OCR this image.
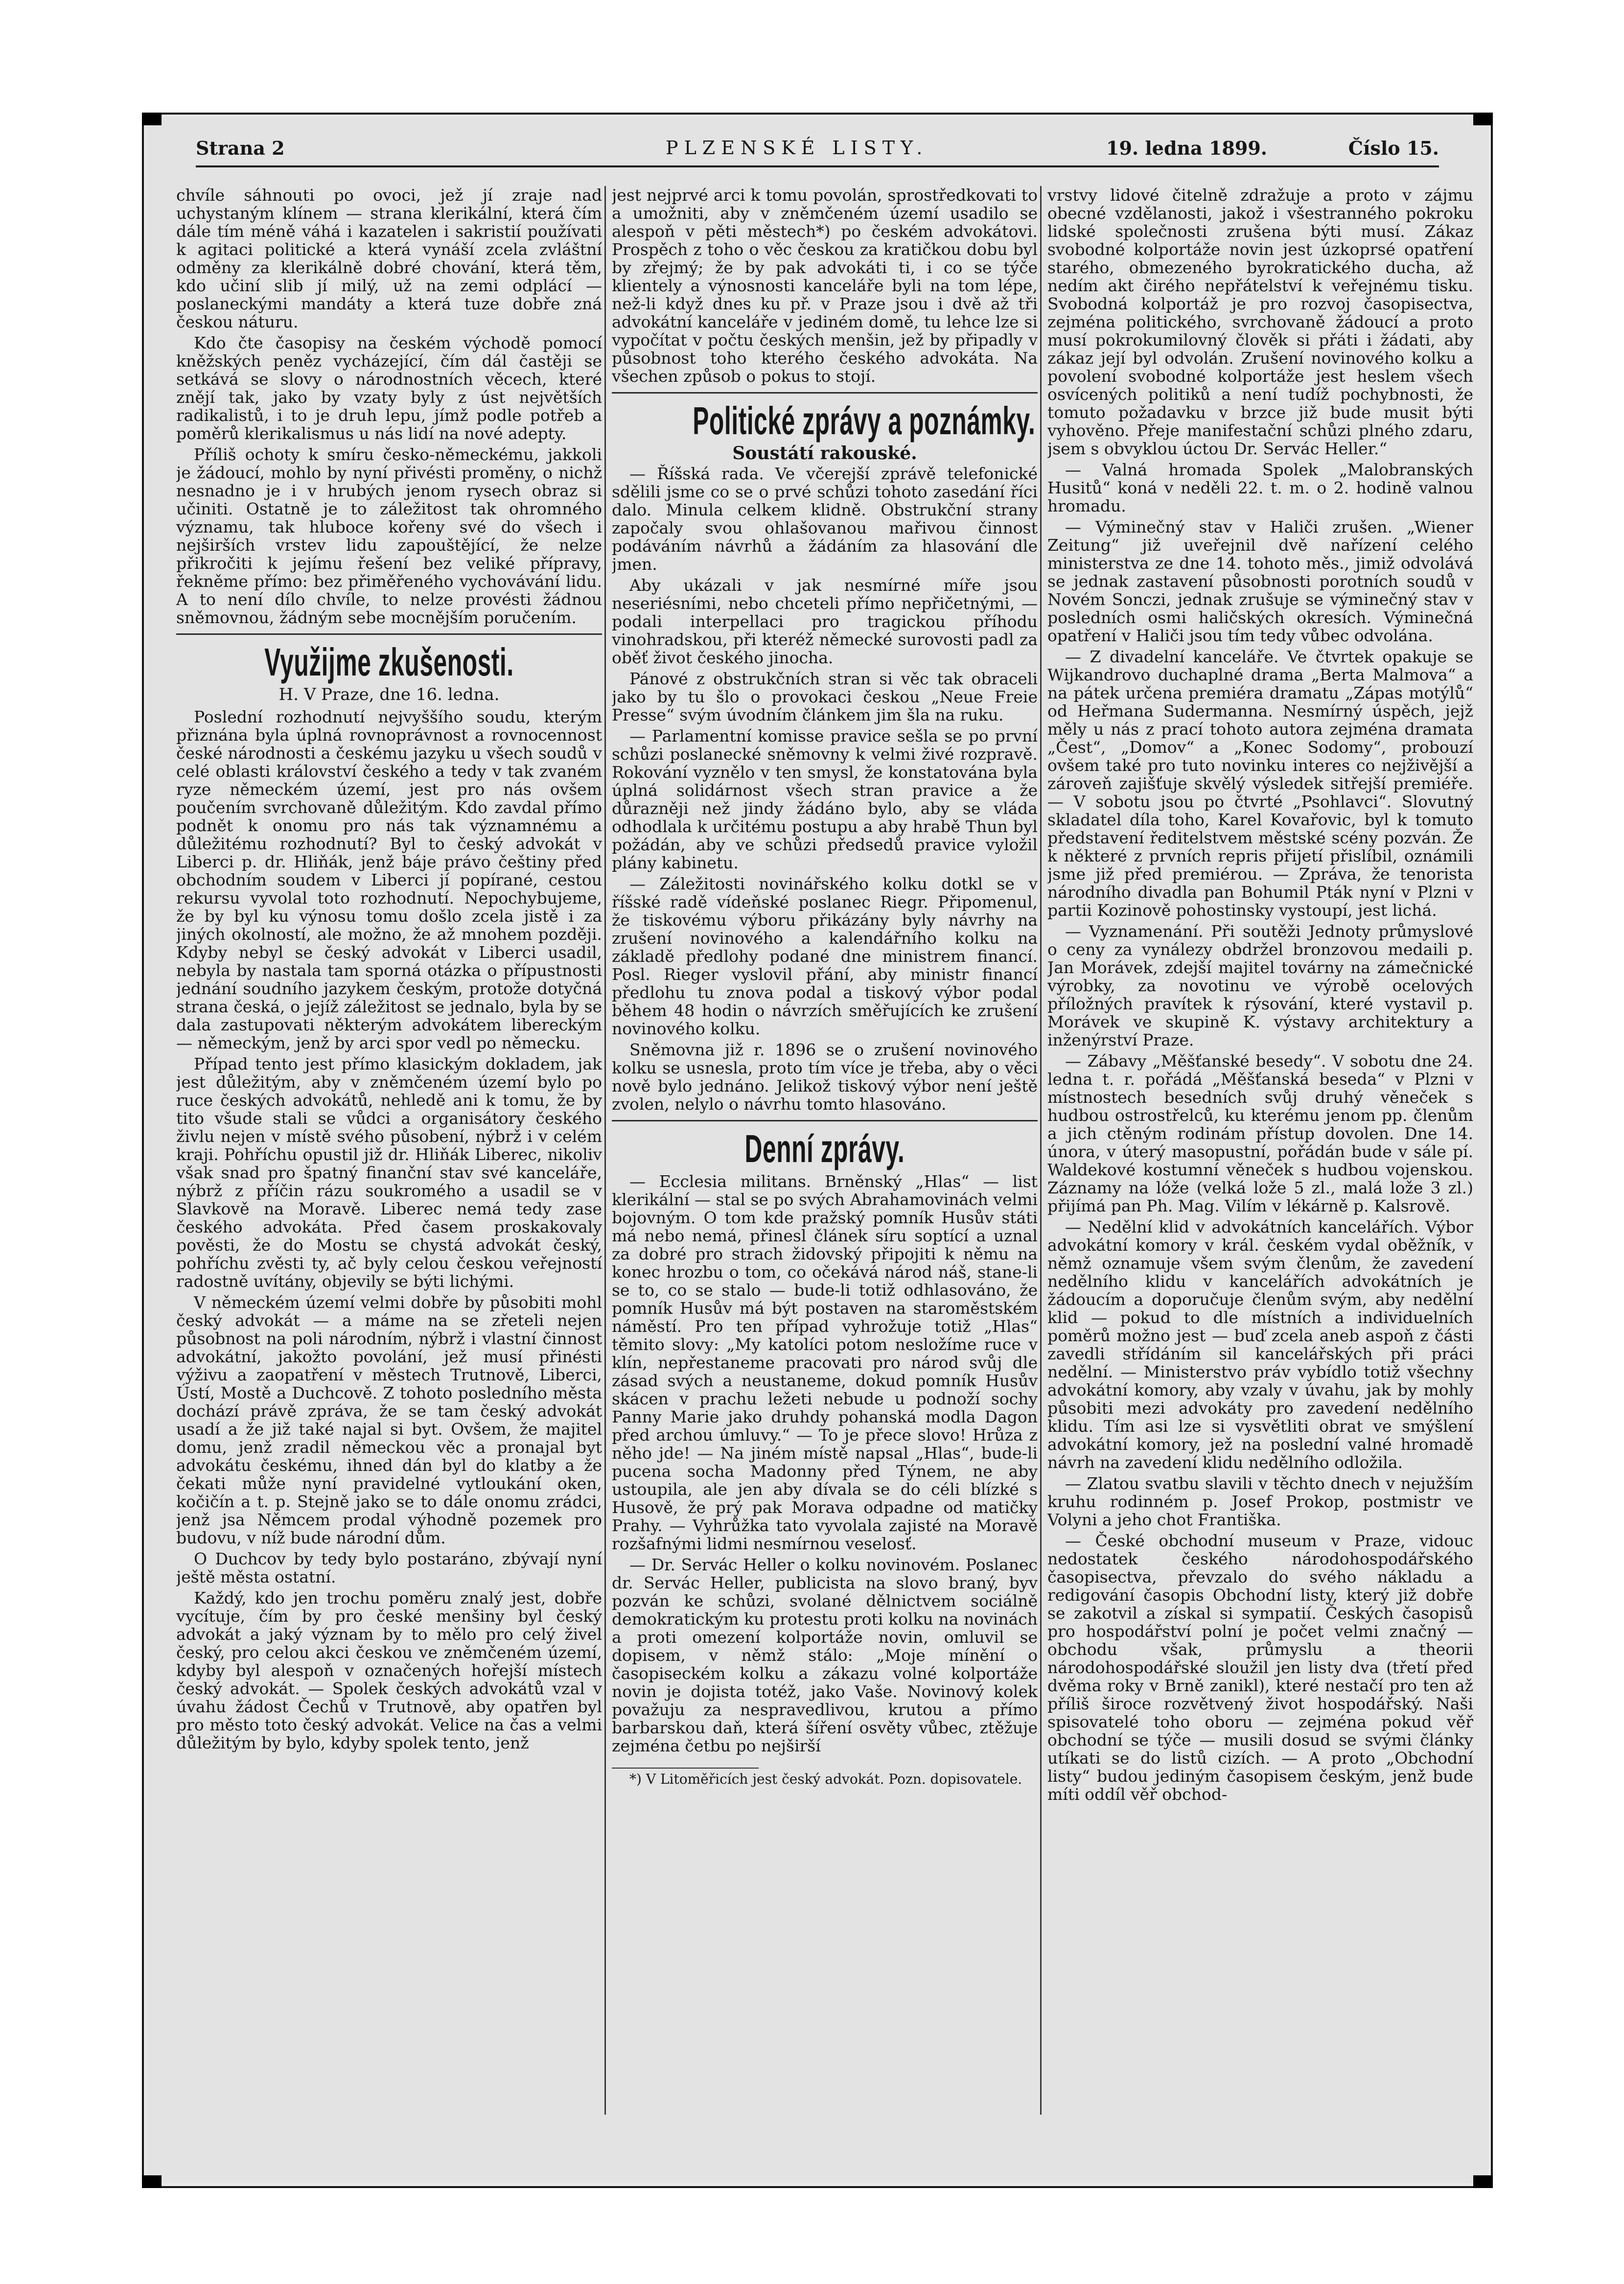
Strana 2	PLZENSKÉ LISTY.	19. ledna 1899.	Číslo 15.

chvíle sáhnouti po ovoci, jež jí zraje nad uchystaným klínem — strana klerikální, která čím dále tím méně váhá i kazatelen i sakristií používati k agitaci politické a která vynáší zcela zvláštní odměny za klerikálně dobré chování, která těm, kdo učiní slib jí milý, už na zemi odplácí — poslaneckými mandáty a která tuze dobře zná českou náturu.

Kdo čte časopisy na českém východě pomocí kněžských peněz vycházející, čím dál častěji se setkává se slovy o národnostních věcech, které znějí tak, jako by vzaty byly z úst největších radikalistů, i to je druh lepu, jímž podle potřeb a poměrů klerikalismus u nás lidí na nové adepty.

Příliš ochoty k smíru česko-německému, jakkoli je žádoucí, mohlo by nyní přivésti proměny, o nichž nesnadno je i v hrubých jenom rysech obraz si učiniti. Ostatně je to záležitost tak ohromného významu, tak hluboce kořeny své do všech i nejširších vrstev lidu zapouštějící, že nelze přikročiti k jejímu řešení bez veliké přípravy, řekněme přímo: bez přiměřeného vychovávání lidu. A to není dílo chvíle, to nelze provésti žádnou sněmovnou, žádným sebe mocnějším poručením.

Využijme zkušenosti.
H. V Praze, dne 16. ledna.

Poslední rozhodnutí nejvyššího soudu, kterým přiznána byla úplná rovnoprávnost a rovnocennost české národnosti a českému jazyku u všech soudů v celé oblasti království českého a tedy v tak zvaném ryze německém území, jest pro nás ovšem poučením svrchovaně důležitým. Kdo zavdal přímo podnět k onomu pro nás tak významnému a důležitému rozhodnutí? Byl to český advokát v Liberci p. dr. Hliňák, jenž báje právo češtiny před obchodním soudem v Liberci jí popírané, cestou rekursu vyvolal toto rozhodnutí. Nepochybujeme, že by byl ku výnosu tomu došlo zcela jistě i za jiných okolností, ale možno, že až mnohem později. Kdyby nebyl se český advokát v Liberci usadil, nebyla by nastala tam sporná otázka o přípustnosti jednání soudního jazykem českým, protože dotyčná strana česká, o jejíž záležitost se jednalo, byla by se dala zastupovati některým advokátem libereckým — německým, jenž by arci spor vedl po německu.

Případ tento jest přímo klasickým dokladem, jak jest důležitým, aby v zněmčeném území bylo po ruce českých advokátů, nehledě ani k tomu, že by tito všude stali se vůdci a organisátory českého živlu nejen v místě svého působení, nýbrž i v celém kraji. Pohříchu opustil již dr. Hliňák Liberec, nikoliv však snad pro špatný finanční stav své kanceláře, nýbrž z příčin rázu soukromého a usadil se v Slavkově na Moravě. Liberec nemá tedy zase českého advokáta. Před časem proskakovaly pověsti, že do Mostu se chystá advokát český, pohříchu zvěsti ty, ač byly celou českou veřejností radostně uvítány, objevily se býti lichými.

V německém území velmi dobře by působiti mohl český advokát — a máme na se zřeteli nejen působnost na poli národním, nýbrž i vlastní činnost advokátní, jakožto povolání, jež musí přinésti výživu a zaopatření v městech Trutnově, Liberci, Ústí, Mostě a Duchcově. Z tohoto posledního města dochází právě zpráva, že se tam český advokát usadí a že již také najal si byt. Ovšem, že majitel domu, jenž zradil německou věc a pronajal byt advokátu českému, ihned dán byl do klatby a že čekati může nyní pravidelné vytloukání oken, kočičín a t. p. Stejně jako se to dále onomu zrádci, jenž jsa Němcem prodal výhodně pozemek pro budovu, v níž bude národní dům.

O Duchcov by tedy bylo postaráno, zbývají nyní ještě města ostatní.

Každý, kdo jen trochu poměru znalý jest, dobře vycítuje, čím by pro české menšiny byl český advokát a jaký význam by to mělo pro celý živel český, pro celou akci českou ve zněmčeném území, kdyby byl alespoň v označených hořejší místech český advokát. — Spolek českých advokátů vzal v úvahu žádost Čechů v Trutnově, aby opatřen byl pro město toto český advokát. Velice na čas a velmi důležitým by bylo, kdyby spolek tento, jenž

jest nejprvé arci k tomu povolán, sprostředkovati to a umožniti, aby v zněmčeném území usadilo se alespoň v pěti městech*) po českém advokátovi. Prospěch z toho o věc českou za kratičkou dobu byl by zřejmý; že by pak advokáti ti, i co se týče klientely a výnosnosti kanceláře byli na tom lépe, než-li když dnes ku př. v Praze jsou i dvě až tři advokátní kanceláře v jediném domě, tu lehce lze si vypočítat v počtu českých menšin, jež by připadly v působnost toho kterého českého advokáta. Na všechen způsob o pokus to stojí.

Politické zprávy a poznámky.
Soustátí rakouské.

— Říšská rada. Ve včerejší zprávě telefonické sdělili jsme co se o prvé schůzi tohoto zasedání říci dalo. Minula celkem klidně. Obstrukční strany započaly svou ohlašovanou mařivou činnost podáváním návrhů a žádáním za hlasování dle jmen.

Aby ukázali v jak nesmírné míře jsou neseriésními, nebo chceteli přímo nepřičetnými, — podali interpellaci pro tragickou příhodu vinohradskou, při kteréž německé surovosti padl za oběť život českého jinocha.

Pánové z obstrukčních stran si věc tak obraceli jako by tu šlo o provokaci českou „Neue Freie Presse“ svým úvodním článkem jim šla na ruku.

— Parlamentní komisse pravice sešla se po první schůzi poslanecké sněmovny k velmi živé rozpravě. Rokování vyznělo v ten smysl, že konstatována byla úplná solidárnost všech stran pravice a že důrazněji než jindy žádáno bylo, aby se vláda odhodlala k určitému postupu a aby hrabě Thun byl požádán, aby ve schůzi předsedů pravice vyložil plány kabinetu.

— Záležitosti novinářského kolku dotkl se v říšské radě vídeňské poslanec Riegr. Připomenul, že tiskovému výboru přikázány byly návrhy na zrušení novinového a kalendářního kolku na základě předlohy podané dne ministrem financí. Posl. Rieger vyslovil přání, aby ministr financí předlohu tu znova podal a tiskový výbor podal během 48 hodin o návrzích směřujících ke zrušení novinového kolku.

Sněmovna již r. 1896 se o zrušení novinového kolku se usnesla, proto tím více je třeba, aby o věci nově bylo jednáno. Jelikož tiskový výbor není ještě zvolen, nelylo o návrhu tomto hlasováno.

Denní zprávy.

— Ecclesia militans. Brněnský „Hlas“ — list klerikální — stal se po svých Abrahamovinách velmi bojovným. O tom kde pražský pomník Husův státi má nebo nemá, přinesl článek síru soptící a uznal za dobré pro strach židovský připojiti k němu na konec hrozbu o tom, co očekává národ náš, stane-li se to, co se stalo — bude-li totiž odhlasováno, že pomník Husův má být postaven na staroměstském náměstí. Pro ten případ vyhrožuje totiž „Hlas“ těmito slovy: „My katolíci potom nesložíme ruce v klín, nepřestaneme pracovati pro národ svůj dle zásad svých a neustaneme, dokud pomník Husův skácen v prachu ležeti nebude u podnoží sochy Panny Marie jako druhdy pohanská modla Dagon před archou úmluvy.“ — To je přece slovo! Hrůza z něho jde! — Na jiném místě napsal „Hlas“, bude-li pucena socha Madonny před Týnem, ne aby ustoupila, ale jen aby dívala se do céli blízké s Husově, že prý pak Morava odpadne od matičky Prahy. — Vyhrůžka tato vyvolala zajisté na Moravě rozšafnými lidmi nesmírnou veselosť.

— Dr. Servác Heller o kolku novinovém. Poslanec dr. Servác Heller, publicista na slovo braný, byv pozván ke schůzi, svolané dělnictvem sociálně demokratickým ku protestu proti kolku na novinách a proti omezení kolportáže novin, omluvil se dopisem, v němž stálo: „Moje mínění o časopiseckém kolku a zákazu volné kolportáže novin je dojista totéž, jako Vaše. Novinový kolek považuju za nespravedlivou, krutou a přímo barbarskou daň, která šíření osvěty vůbec, ztěžuje zejména četbu po nejširší

*) V Litoměřicích jest český advokát. Pozn. dopisovatele.

vrstvy lidové čitelně zdražuje a proto v zájmu obecné vzdělanosti, jakož i všestranného pokroku lidské společnosti zrušena býti musí. Zákaz svobodné kolportáže novin jest úzkoprsé opatření starého, obmezeného byrokratického ducha, až nedím akt čirého nepřátelství k veřejnému tisku. Svobodná kolportáž je pro rozvoj časopisectva, zejména politického, svrchovaně žádoucí a proto musí pokrokumilovný člověk si přáti i žádati, aby zákaz její byl odvolán. Zrušení novinového kolku a povolení svobodné kolportáže jest heslem všech osvícených politiků a není tudíž pochybnosti, že tomuto požadavku v brzce již bude musit býti vyhověno. Přeje manifestační schůzi plného zdaru, jsem s obvyklou úctou Dr. Servác Heller.“

— Valná hromada Spolek „Malobranských Husitů“ koná v neděli 22. t. m. o 2. hodině valnou hromadu.

— Výminečný stav v Haliči zrušen. „Wiener Zeitung“ již uveřejnil dvě nařízení celého ministerstva ze dne 14. tohoto měs., jimiž odvolává se jednak zastavení působnosti porotních soudů v Novém Sonczi, jednak zrušuje se výminečný stav v posledních osmi haličských okresích. Výminečná opatření v Haliči jsou tím tedy vůbec odvolána.

— Z divadelní kanceláře. Ve čtvrtek opakuje se Wijkandrovo duchaplné drama „Berta Malmova“ a na pátek určena premiéra dramatu „Zápas motýlů“ od Heřmana Sudermanna. Nesmírný úspěch, jejž měly u nás z prací tohoto autora zejména dramata „Čest“, „Domov“ a „Konec Sodomy“, probouzí ovšem také pro tuto novinku interes co nejživější a zároveň zajišťuje skvělý výsledek sitřejší premiéře. — V sobotu jsou po čtvrté „Psohlavci“. Slovutný skladatel díla toho, Karel Kovařovic, byl k tomuto představení ředitelstvem městské scény pozván. Že k některé z prvních repris přijetí přislíbil, oznámili jsme již před premiérou. — Zpráva, že tenorista národního divadla pan Bohumil Pták nyní v Plzni v partii Kozinově pohostinsky vystoupí, jest lichá.

— Vyznamenání. Při soutěži Jednoty průmyslové o ceny za vynálezy obdržel bronzovou medaili p. Jan Morávek, zdejší majitel továrny na zámečnické výrobky, za novotinu ve výrobě ocelových příložných pravítek k rýsování, které vystavil p. Morávek ve skupině K. výstavy architektury a inženýrství Praze.

— Zábavy „Měšťanské besedy“. V sobotu dne 24. ledna t. r. pořádá „Měšťanská beseda“ v Plzni v místnostech besedních svůj druhý věneček s hudbou ostrostřelců, ku kterému jenom pp. členům a jich ctěným rodinám přístup dovolen. Dne 14. února, v úterý masopustní, pořádán bude v sále pí. Waldekové kostumní věneček s hudbou vojenskou. Záznamy na lóže (velká lože 5 zl., malá lože 3 zl.) přijímá pan Ph. Mag. Vilím v lékárně p. Kalsrově.

— Nedělní klid v advokátních kancelářích. Výbor advokátní komory v král. českém vydal oběžník, v němž oznamuje všem svým členům, že zavedení nedělního klidu v kancelářích advokátních je žádoucím a doporučuje členům svým, aby nedělní klid — pokud to dle místních a individuelních poměrů možno jest — buď zcela aneb aspoň z části zavedli střídáním sil kancelářských při práci nedělní. — Ministerstvo práv vybídlo totiž všechny advokátní komory, aby vzaly v úvahu, jak by mohly působiti mezi advokáty pro zavedení nedělního klidu. Tím asi lze si vysvětliti obrat ve smýšlení advokátní komory, jež na poslední valné hromadě návrh na zavedení klidu nedělního odložila.

— Zlatou svatbu slavili v těchto dnech v nejužším kruhu rodinném p. Josef Prokop, postmistr ve Volyni a jeho chot Františka.

— České obchodní museum v Praze, vidouc nedostatek českého národohospodářského časopisectva, převzalo do svého nákladu a redigování časopis Obchodní listy, který již dobře se zakotvil a získal si sympatií. Českých časopisů pro hospodářství polní je počet velmi značný — obchodu však, průmyslu a theorii národohospodářské sloužil jen listy dva (třetí před dvěma roky v Brně zanikl), které nestačí pro ten až příliš široce rozvětvený život hospodářský. Naši spisovatelé toho oboru — zejména pokud věř obchodní se týče — musili dosud se svými články utíkati se do listů cizích. — A proto „Obchodní listy“ budou jediným časopisem českým, jenž bude míti oddíl věř obchod-
